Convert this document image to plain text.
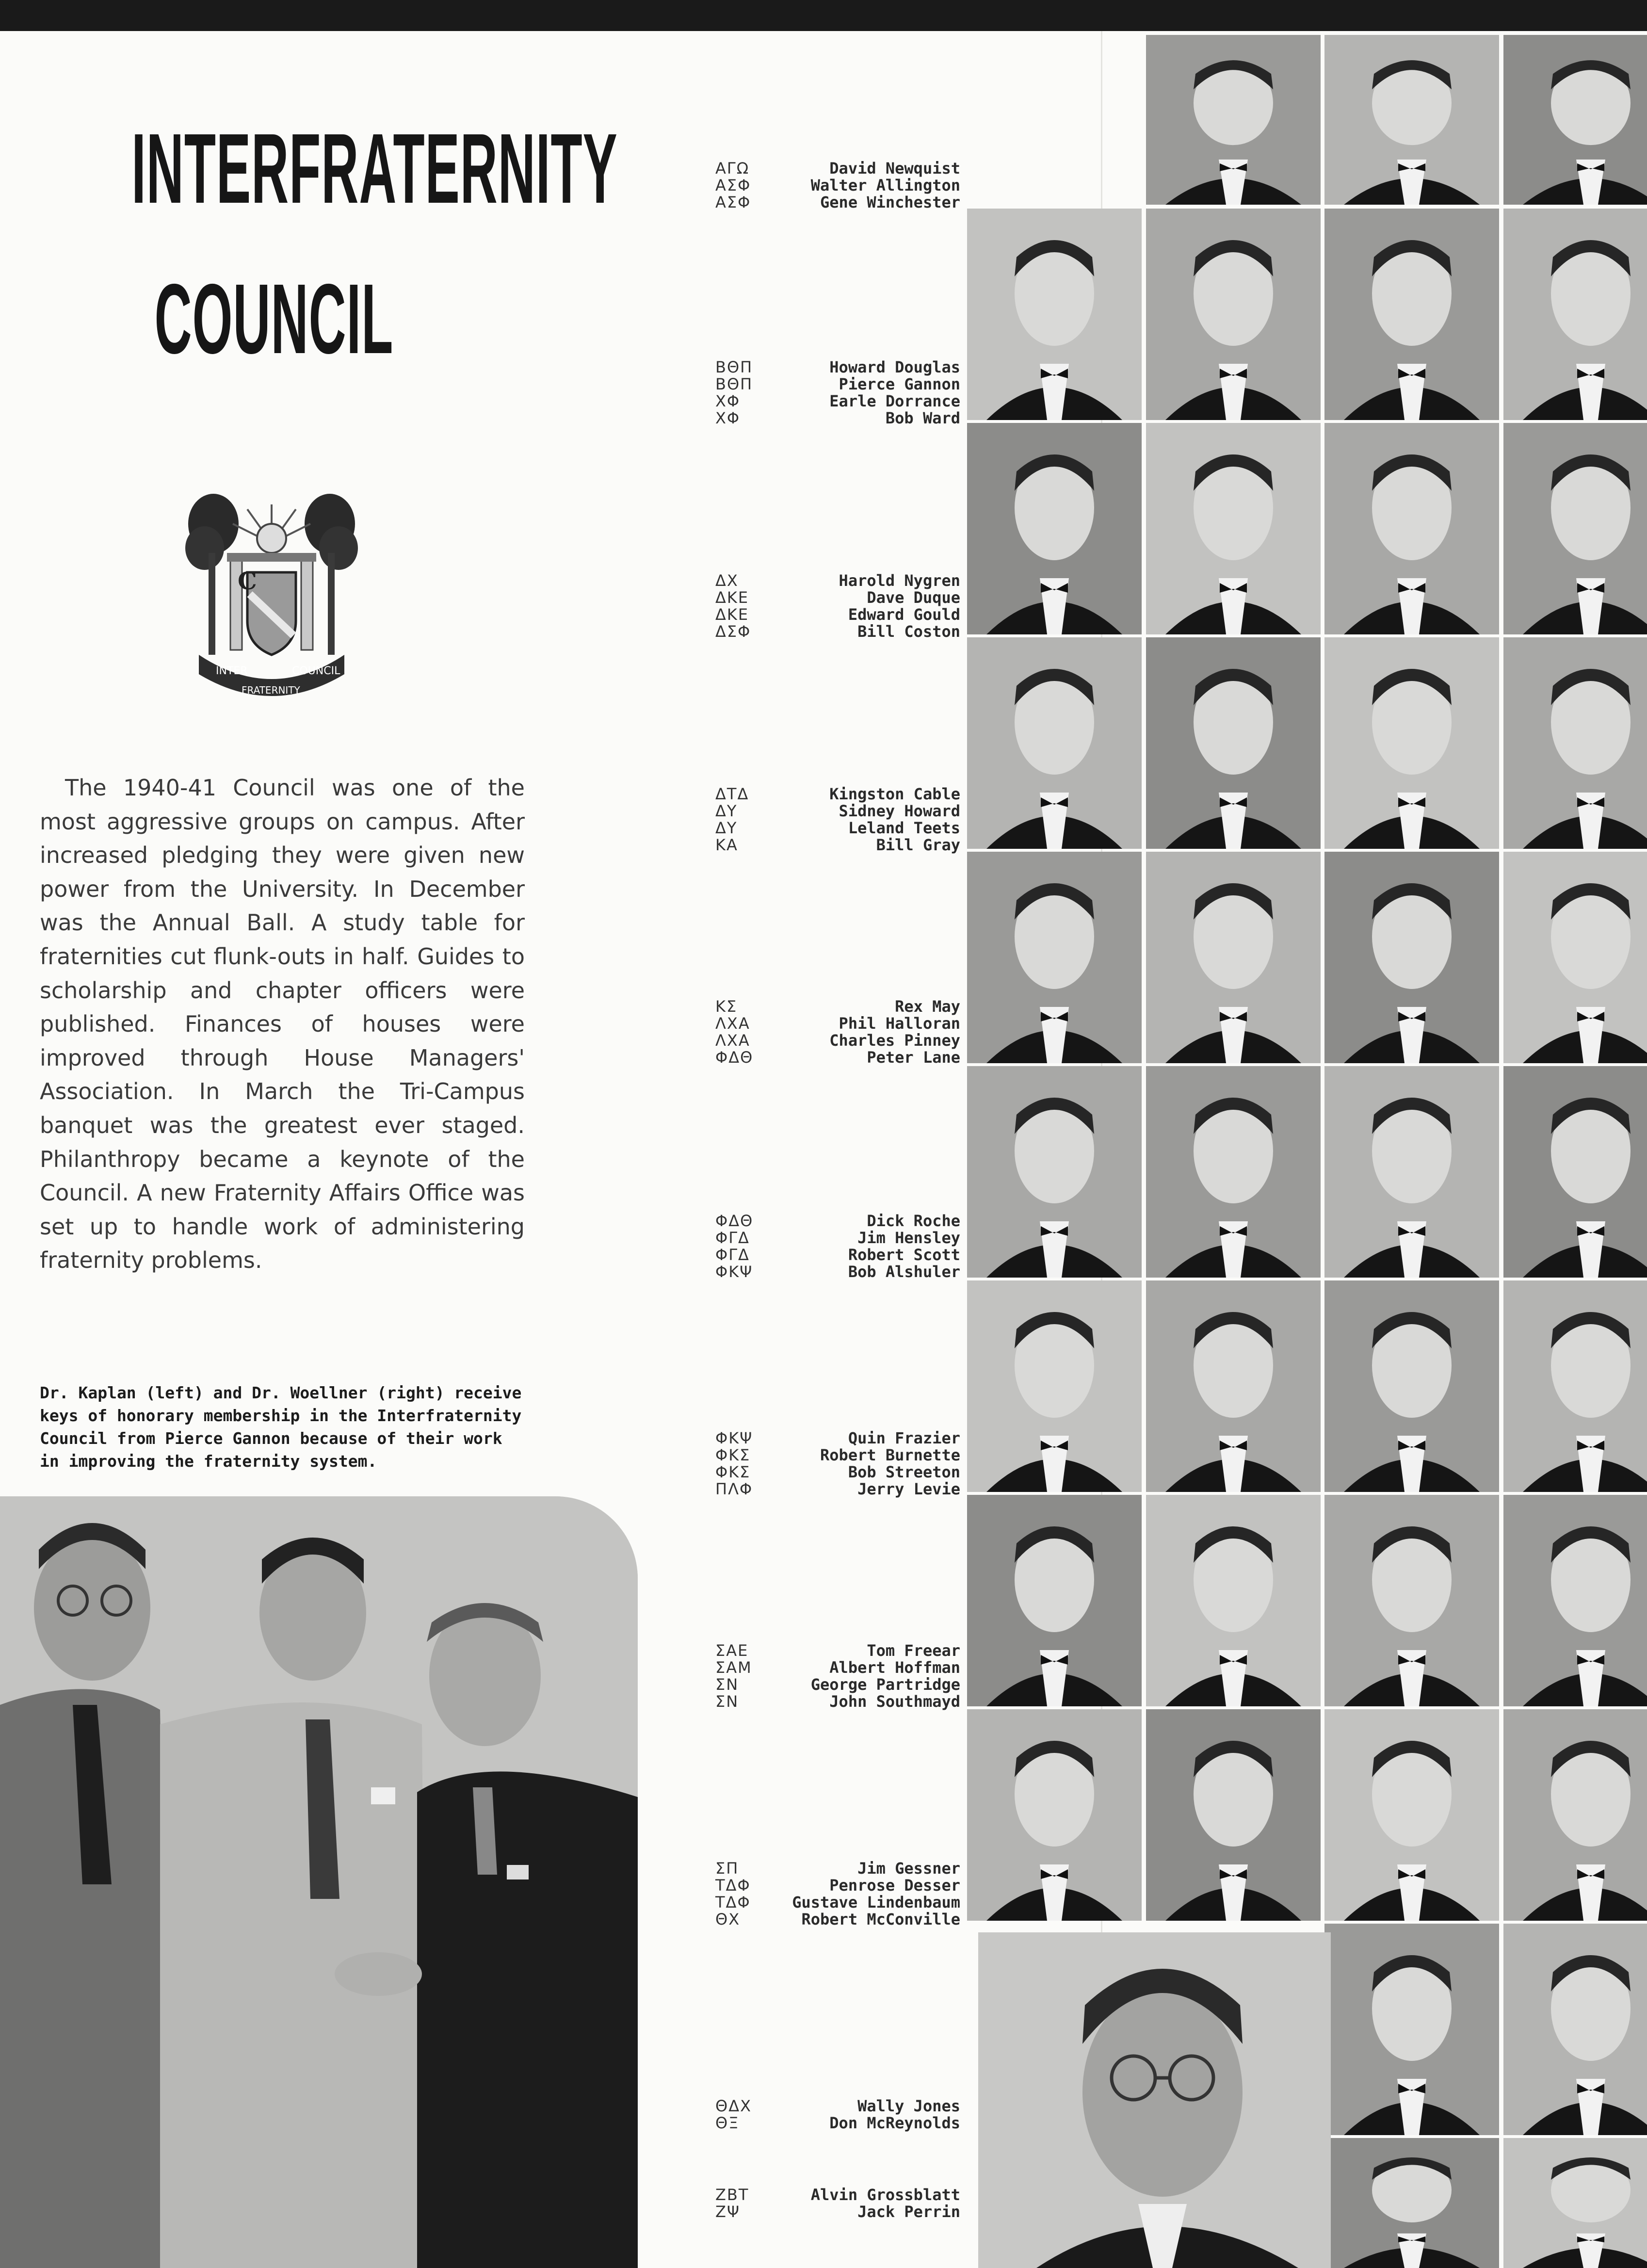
INTERFRATERNITY
COUNCIL
C
INTER	COUNCIL
FRATERNITY

The 1940-41 Council was one of the most aggressive groups on campus. After increased pledging they were given new power from the University. In December was the Annual Ball. A study table for fraternities cut flunk-outs in half. Guides to scholarship and chapter officers were published. Finances of houses were improved through House Managers' Association. In March the Tri-Campus banquet was the greatest ever staged. Philanthropy became a keynote of the Council. A new Fraternity Affairs Office was set up to handle work of administering fraternity problems.

Dr. Kaplan (left) and Dr. Woellner (right) receive keys of honorary membership in the Interfraternity Council from Pierce Gannon because of their work in improving the fraternity system.

ΑΓΩ	David Newquist
ΑΣΦ	Walter Allington
ΑΣΦ	Gene Winchester
ΒΘΠ	Howard Douglas
ΒΘΠ	Pierce Gannon
ΧΦ	Earle Dorrance
ΧΦ	Bob Ward
ΔΧ	Harold Nygren
ΔΚΕ	Dave Duque
ΔΚΕ	Edward Gould
ΔΣΦ	Bill Coston
ΔΤΔ	Kingston Cable
ΔΥ	Sidney Howard
ΔΥ	Leland Teets
ΚΑ	Bill Gray
ΚΣ	Rex May
ΛΧΑ	Phil Halloran
ΛΧΑ	Charles Pinney
ΦΔΘ	Peter Lane
ΦΔΘ	Dick Roche
ΦΓΔ	Jim Hensley
ΦΓΔ	Robert Scott
ΦΚΨ	Bob Alshuler
ΦΚΨ	Quin Frazier
ΦΚΣ	Robert Burnette
ΦΚΣ	Bob Streeton
ΠΛΦ	Jerry Levie
ΣΑΕ	Tom Freear
ΣΑΜ	Albert Hoffman
ΣΝ	George Partridge
ΣΝ	John Southmayd
ΣΠ	Jim Gessner
ΤΔΦ	Penrose Desser
ΤΔΦ	Gustave Lindenbaum
ΘΧ	Robert McConville
ΘΔΧ	Wally Jones
ΘΞ	Don McReynolds
ΖΒΤ	Alvin Grossblatt
ΖΨ	Jack Perrin
